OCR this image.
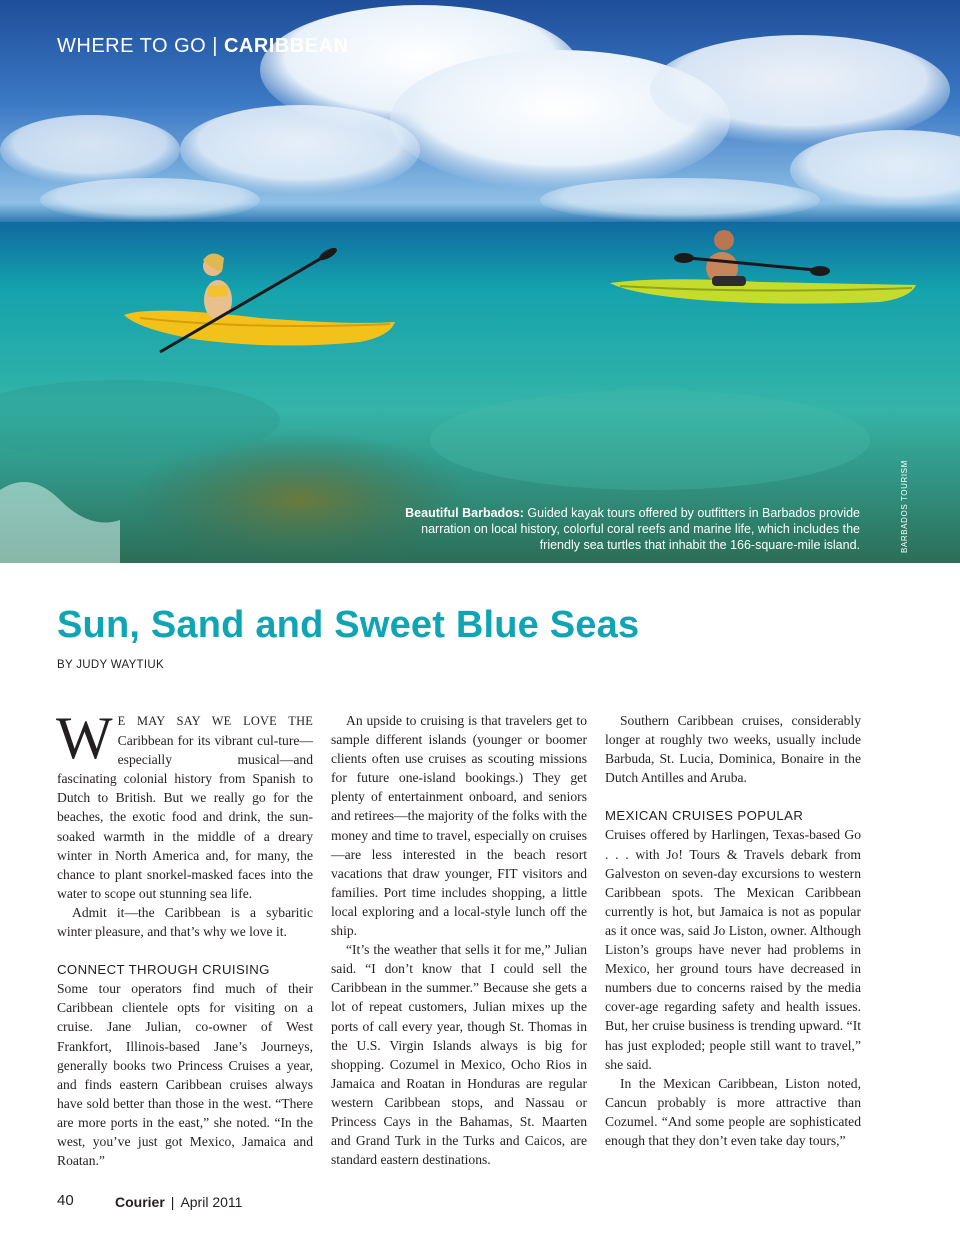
WHERE TO GO | CARIBBEAN

Beautiful Barbados: Guided kayak tours offered by outfitters in Barbados provide narration on local history, colorful coral reefs and marine life, which includes the friendly sea turtles that inhabit the 166-square-mile island.	BARBADOS TOURISM
Sun, Sand and Sweet Blue Seas

BY JUDY WAYTIUK

W E MAY SAY WE LOVE THE Caribbean for its vibrant cul-ture—especially musical—and fascinating colonial history from Spanish to Dutch to British. But we really go for the beaches, the exotic food and drink, the sun-soaked warmth in the middle of a dreary winter in North America and, for many, the chance to plant snorkel-masked faces into the water to scope out stunning sea life.

Admit it—the Caribbean is a sybaritic winter pleasure, and that’s why we love it.

CONNECT THROUGH CRUISING

Some tour operators find much of their Caribbean clientele opts for visiting on a cruise. Jane Julian, co-owner of West Frankfort, Illinois-based Jane’s Journeys, generally books two Princess Cruises a year, and finds eastern Caribbean cruises always have sold better than those in the west. “There are more ports in the east,” she noted. “In the west, you’ve just got Mexico, Jamaica and Roatan.”

An upside to cruising is that travelers get to sample different islands (younger or boomer clients often use cruises as scouting missions for future one-island bookings.) They get plenty of entertainment onboard, and seniors and retirees—the majority of the folks with the money and time to travel, especially on cruises—are less interested in the beach resort vacations that draw younger, FIT visitors and families. Port time includes shopping, a little local exploring and a local-style lunch off the ship.

“It’s the weather that sells it for me,” Julian said. “I don’t know that I could sell the Caribbean in the summer.” Because she gets a lot of repeat customers, Julian mixes up the ports of call every year, though St. Thomas in the U.S. Virgin Islands always is big for shopping. Cozumel in Mexico, Ocho Rios in Jamaica and Roatan in Honduras are regular western Caribbean stops, and Nassau or Princess Cays in the Bahamas, St. Maarten and Grand Turk in the Turks and Caicos, are standard eastern destinations.

Southern Caribbean cruises, considerably longer at roughly two weeks, usually include Barbuda, St. Lucia, Dominica, Bonaire in the Dutch Antilles and Aruba.

MEXICAN CRUISES POPULAR

Cruises offered by Harlingen, Texas-based Go . . . with Jo! Tours & Travels debark from Galveston on seven-day excursions to western Caribbean spots. The Mexican Caribbean currently is hot, but Jamaica is not as popular as it once was, said Jo Liston, owner. Although Liston’s groups have never had problems in Mexico, her ground tours have decreased in numbers due to concerns raised by the media cover-age regarding safety and health issues. But, her cruise business is trending upward. “It has just exploded; people still want to travel,” she said.

In the Mexican Caribbean, Liston noted, Cancun probably is more attractive than Cozumel. “And some people are sophisticated enough that they don’t even take day tours,”

40	Courier | April 2011
